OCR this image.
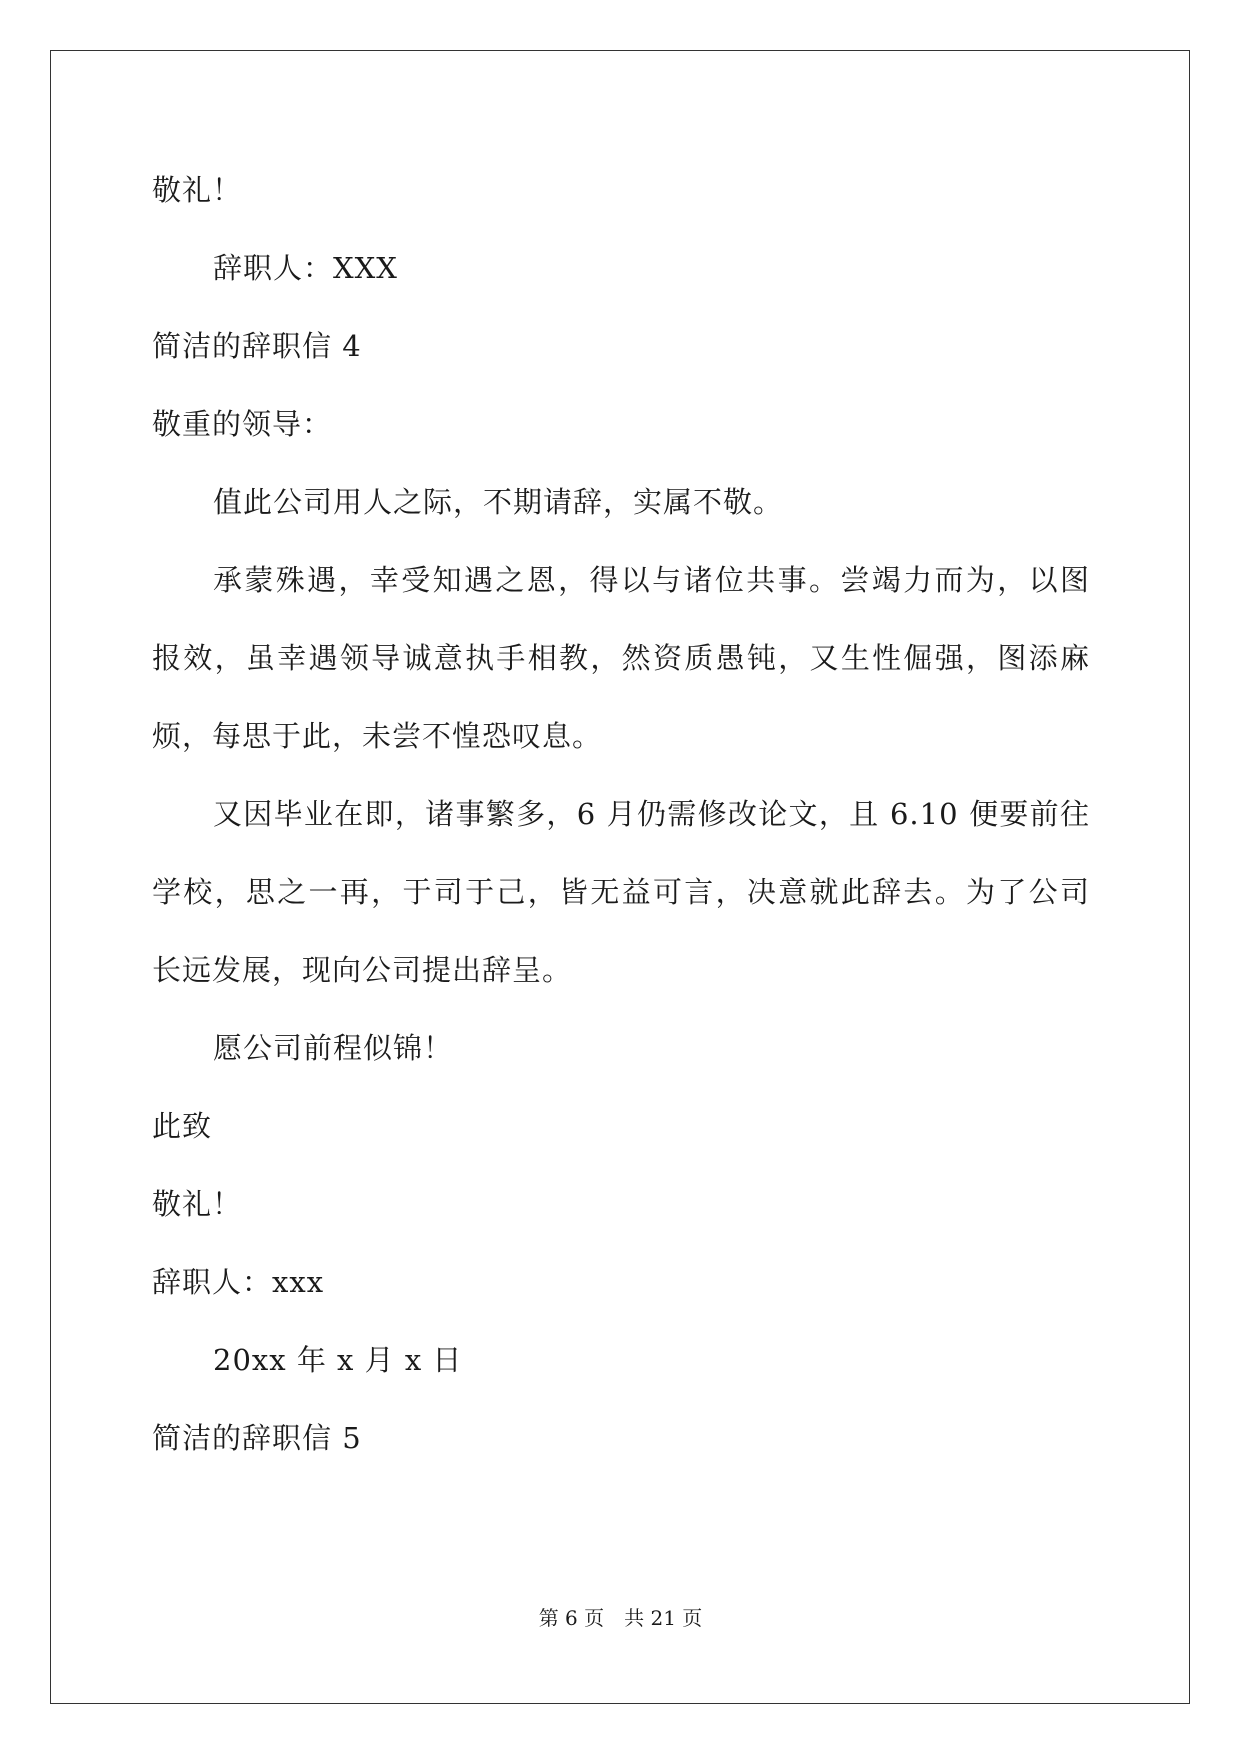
敬礼！
辞职人：XXX
简洁的辞职信 4
敬重的领导：
值此公司用人之际，不期请辞，实属不敬。
承蒙殊遇，幸受知遇之恩，得以与诸位共事。尝竭力而为，以图
报效，虽幸遇领导诚意执手相教，然资质愚钝，又生性倔强，图添麻
烦，每思于此，未尝不惶恐叹息。
又因毕业在即，诸事繁多，6 月仍需修改论文，且 6.10 便要前往
学校，思之一再，于司于己，皆无益可言，决意就此辞去。为了公司
长远发展，现向公司提出辞呈。
愿公司前程似锦！
此致
敬礼！
辞职人：xxx
20xx 年 x 月 x 日
简洁的辞职信 5
第 6 页 共 21 页
